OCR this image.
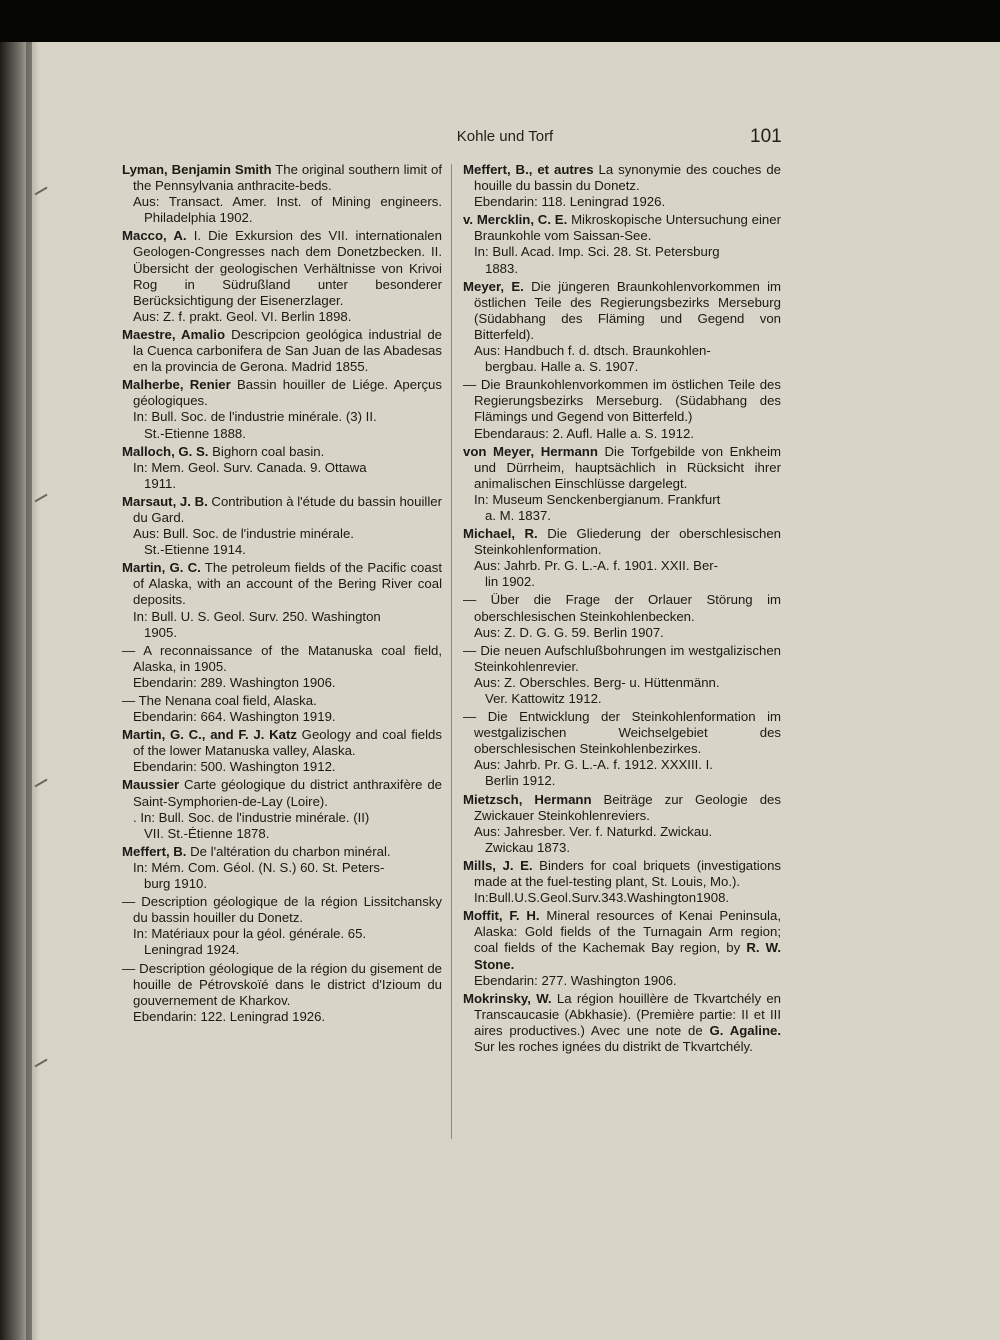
Kohle und Torf	101

Lyman, Benjamin Smith The original southern limit of the Pennsylvania anthracite-beds.

Aus: Transact. Amer. Inst. of Mining engineers. Philadelphia 1902.

Macco, A. I. Die Exkursion des VII. internationalen Geologen-Congresses nach dem Donetzbecken. II. Übersicht der geologischen Verhältnisse von Krivoi Rog in Südrußland unter besonderer Berücksichtigung der Eisenerzlager.

Aus: Z. f. prakt. Geol. VI. Berlin 1898.

Maestre, Amalio Descripcion geológica industrial de la Cuenca carbonifera de San Juan de las Abadesas en la provincia de Gerona. Madrid 1855.

Malherbe, Renier Bassin houiller de Liége. Aperçus géologiques.

In: Bull. Soc. de l'industrie minérale. (3) II.

St.-Etienne 1888.

Malloch, G. S. Bighorn coal basin.

In: Mem. Geol. Surv. Canada. 9. Ottawa

1911.

Marsaut, J. B. Contribution à l'étude du bassin houiller du Gard.

Aus: Bull. Soc. de l'industrie minérale.

St.-Etienne 1914.

Martin, G. C. The petroleum fields of the Pacific coast of Alaska, with an account of the Bering River coal deposits.

In: Bull. U. S. Geol. Surv. 250. Washington

1905.

— A reconnaissance of the Matanuska coal field, Alaska, in 1905.

Ebendarin: 289. Washington 1906.

— The Nenana coal field, Alaska.

Ebendarin: 664. Washington 1919.

Martin, G. C., and F. J. Katz Geology and coal fields of the lower Matanuska valley, Alaska.

Ebendarin: 500. Washington 1912.

Maussier Carte géologique du district anthraxifère de Saint-Symphorien-de-Lay (Loire).

. In: Bull. Soc. de l'industrie minérale. (II)

VII. St.-Étienne 1878.

Meffert, B. De l'altération du charbon minéral.

In: Mém. Com. Géol. (N. S.) 60. St. Peters-

burg 1910.

— Description géologique de la région Lissitchansky du bassin houiller du Donetz.

In: Matériaux pour la géol. générale. 65.

Leningrad 1924.

— Description géologique de la région du gisement de houille de Pétrovskoïé dans le district d'Izioum du gouvernement de Kharkov.

Ebendarin: 122. Leningrad 1926.

Meffert, B., et autres La synonymie des couches de houille du bassin du Donetz.

Ebendarin: 118. Leningrad 1926.

v. Mercklin, C. E. Mikroskopische Untersuchung einer Braunkohle vom Saissan-See.

In: Bull. Acad. Imp. Sci. 28. St. Petersburg

1883.

Meyer, E. Die jüngeren Braunkohlenvorkommen im östlichen Teile des Regierungsbezirks Merseburg (Südabhang des Fläming und Gegend von Bitterfeld).

Aus: Handbuch f. d. dtsch. Braunkohlen-

bergbau. Halle a. S. 1907.

— Die Braunkohlenvorkommen im östlichen Teile des Regierungsbezirks Merseburg. (Südabhang des Flämings und Gegend von Bitterfeld.)

Ebendaraus: 2. Aufl. Halle a. S. 1912.

von Meyer, Hermann Die Torfgebilde von Enkheim und Dürrheim, hauptsächlich in Rücksicht ihrer animalischen Einschlüsse dargelegt.

In: Museum Senckenbergianum. Frankfurt

a. M. 1837.

Michael, R. Die Gliederung der oberschlesischen Steinkohlenformation.

Aus: Jahrb. Pr. G. L.-A. f. 1901. XXII. Ber-

lin 1902.

— Über die Frage der Orlauer Störung im oberschlesischen Steinkohlenbecken.

Aus: Z. D. G. G. 59. Berlin 1907.

— Die neuen Aufschlußbohrungen im westgalizischen Steinkohlenrevier.

Aus: Z. Oberschles. Berg- u. Hüttenmänn.

Ver. Kattowitz 1912.

— Die Entwicklung der Steinkohlenformation im westgalizischen Weichselgebiet des oberschlesischen Steinkohlenbezirkes.

Aus: Jahrb. Pr. G. L.-A. f. 1912. XXXIII. I.

Berlin 1912.

Mietzsch, Hermann Beiträge zur Geologie des Zwickauer Steinkohlenreviers.

Aus: Jahresber. Ver. f. Naturkd. Zwickau.

Zwickau 1873.

Mills, J. E. Binders for coal briquets (investigations made at the fuel-testing plant, St. Louis, Mo.).

In:Bull.U.S.Geol.Surv.343.Washington1908.

Moffit, F. H. Mineral resources of Kenai Peninsula, Alaska: Gold fields of the Turnagain Arm region; coal fields of the Kachemak Bay region, by R. W. Stone.

Ebendarin: 277. Washington 1906.

Mokrinsky, W. La région houillère de Tkvartchély en Transcaucasie (Abkhasie). (Première partie: II et III aires productives.) Avec une note de G. Agaline. Sur les roches ignées du distrikt de Tkvartchély.
